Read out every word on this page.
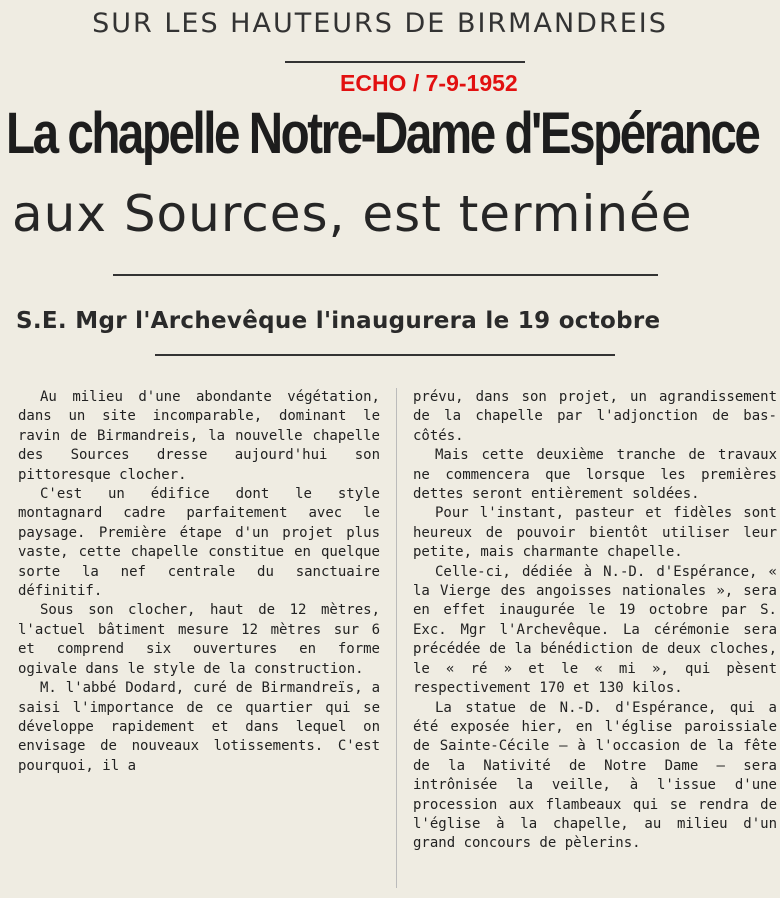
SUR LES HAUTEURS DE BIRMANDREIS
ECHO / 7-9-1952
La chapelle Notre-Dame d'Espérance
aux Sources, est terminée
S.E. Mgr l'Archevêque l'inaugurera le 19 octobre

Au milieu d'une abondante végétation, dans un site incomparable, dominant le ravin de Birmandreis, la nouvelle chapelle des Sources dresse aujourd'hui son pittoresque clocher.

C'est un édifice dont le style montagnard cadre parfaitement avec le paysage. Première étape d'un projet plus vaste, cette chapelle constitue en quelque sorte la nef centrale du sanctuaire définitif.

Sous son clocher, haut de 12 mètres, l'actuel bâtiment mesure 12 mètres sur 6 et comprend six ouvertures en forme ogivale dans le style de la construction.

M. l'abbé Dodard, curé de Birmandreïs, a saisi l'importance de ce quartier qui se développe rapidement et dans lequel on envisage de nouveaux lotissements. C'est pourquoi, il a

prévu, dans son projet, un agrandissement de la chapelle par l'adjonction de bas-côtés.

Mais cette deuxième tranche de travaux ne commencera que lorsque les premières dettes seront entièrement soldées.

Pour l'instant, pasteur et fidèles sont heureux de pouvoir bientôt utiliser leur petite, mais charmante chapelle.

Celle-ci, dédiée à N.-D. d'Espérance, « la Vierge des angoisses nationales », sera en effet inaugurée le 19 octobre par S. Exc. Mgr l'Archevêque. La cérémonie sera précédée de la bénédiction de deux cloches, le « ré » et le « mi », qui pèsent respectivement 170 et 130 kilos.

La statue de N.-D. d'Espérance, qui a été exposée hier, en l'église paroissiale de Sainte-Cécile — à l'occasion de la fête de la Nativité de Notre Dame — sera intrônisée la veille, à l'issue d'une procession aux flambeaux qui se rendra de l'église à la chapelle, au milieu d'un grand concours de pèlerins.
